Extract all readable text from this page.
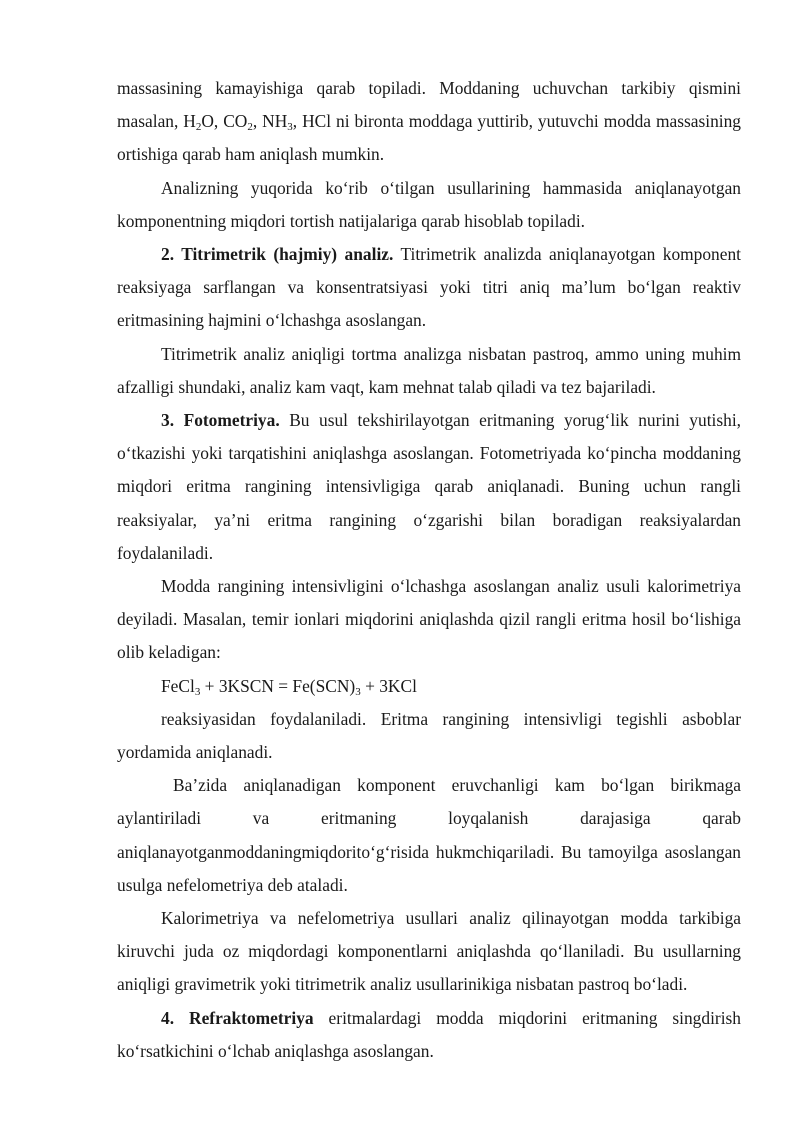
massasining kamayishiga qarab topiladi. Moddaning uchuvchan tarkibiy qismini masalan, $H_2O$, $CO_2$, $NH_3$, HCl ni bironta moddaga yuttirib, yutuvchi modda massasining ortishiga qarab ham aniqlash mumkin.

Analizning yuqorida ko‘rib o‘tilgan usullarining hammasida aniqlanayotgan komponentning miqdori tortish natijalariga qarab hisoblab topiladi.

2. Titrimetrik (hajmiy) analiz. Titrimetrik analizda aniqlanayotgan komponent reaksiyaga sarflangan va konsentratsiyasi yoki titri aniq ma’lum bo‘lgan reaktiv eritmasining hajmini o‘lchashga asoslangan.

Titrimetrik analiz aniqligi tortma analizga nisbatan pastroq, ammo uning muhim afzalligi shundaki, analiz kam vaqt, kam mehnat talab qiladi va tez bajariladi.

3. Fotometriya. Bu usul tekshirilayotgan eritmaning yorug‘lik nurini yutishi, o‘tkazishi yoki tarqatishini aniqlashga asoslangan. Fotometriyada ko‘pincha moddaning miqdori eritma rangining intensivligiga qarab aniqlanadi. Buning uchun rangli reaksiyalar, ya’ni eritma rangining o‘zgarishi bilan boradigan reaksiyalardan foydalaniladi.

Modda rangining intensivligini o‘lchashga asoslangan analiz usuli kalorimetriya deyiladi. Masalan, temir ionlari miqdorini aniqlashda qizil rangli eritma hosil bo‘lishiga olib keladigan:

FeCl$_3$ + 3KSCN = $Fe(SCN)_3 + 3KCl$

reaksiyasidan foydalaniladi. Eritma rangining intensivligi tegishli asboblar yordamida aniqlanadi.

Ba’zida aniqlanadigan komponent eruvchanligi kam bo‘lgan birikmaga aylantiriladi va eritmaning loyqalanish darajasiga qarab aniqlanayotganmoddaningmiqdorito‘g‘risida hukmchiqariladi. Bu tamoyilga asoslangan usulga nefelometriya deb ataladi.

Kalorimetriya va nefelometriya usullari analiz qilinayotgan modda tarkibiga kiruvchi juda oz miqdordagi komponentlarni aniqlashda qo‘llaniladi. Bu usullarning aniqligi gravimetrik yoki titrimetrik analiz usullarinikiga nisbatan pastroq bo‘ladi.

4. Refraktometriya eritmalardagi modda miqdorini eritmaning singdirish ko‘rsatkichini o‘lchab aniqlashga asoslangan.
